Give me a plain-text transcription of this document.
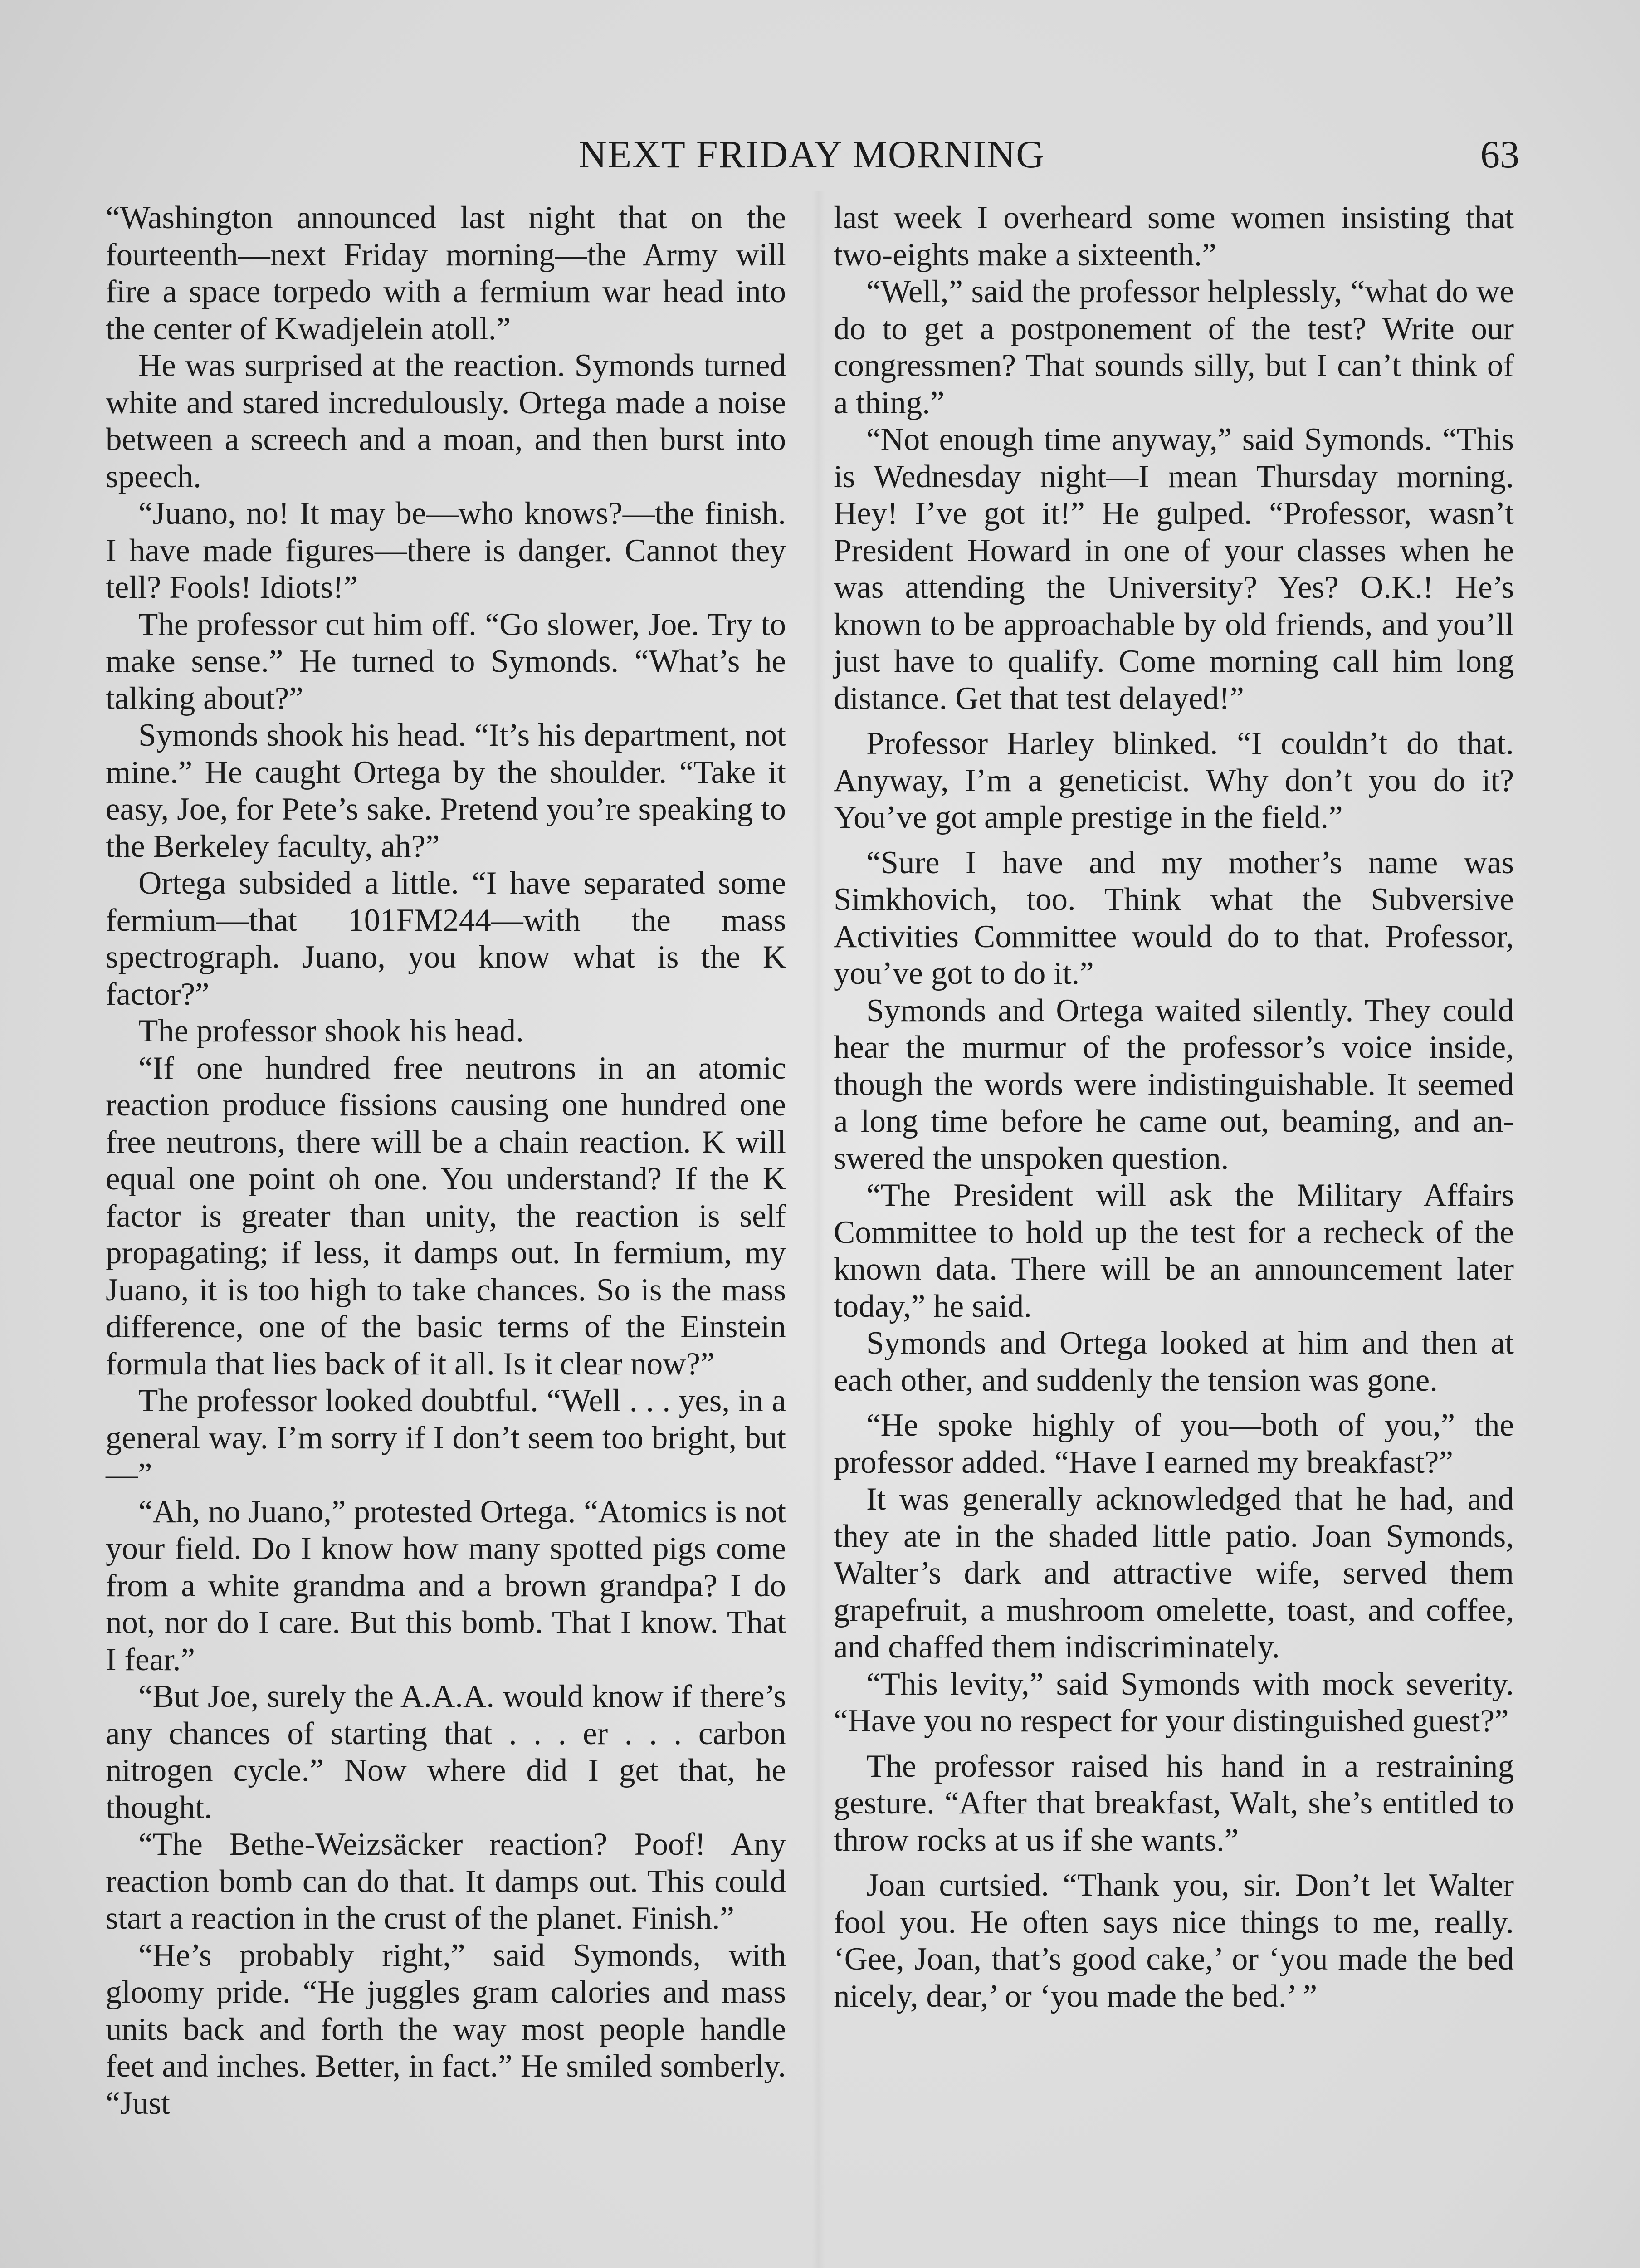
NEXT FRIDAY MORNING	63

“Washington announced last night that on the fourteenth—next Friday morning—the Army will fire a space torpedo with a fermium war head into the center of Kwadjelein atoll.”

He was surprised at the reaction. Symonds turned white and stared incredulously. Ortega made a noise between a screech and a moan, and then burst into speech.

“Juano, no! It may be—who knows?—the finish. I have made figures—there is danger. Cannot they tell? Fools! Idiots!”

The professor cut him off. “Go slower, Joe. Try to make sense.” He turned to Symonds. “What’s he talking about?”

Symonds shook his head. “It’s his department, not mine.” He caught Ortega by the shoulder. “Take it easy, Joe, for Pete’s sake. Pretend you’re speaking to the Berkeley faculty, ah?”

Ortega subsided a little. “I have separated some fermium—that 101FM244—with the mass spectrograph. Juano, you know what is the K factor?”

The professor shook his head.

“If one hundred free neutrons in an atomic reaction produce fissions causing one hundred one free neutrons, there will be a chain reaction. K will equal one point oh one. You understand? If the K factor is greater than unity, the reaction is self propagating; if less, it damps out. In fermium, my Juano, it is too high to take chances. So is the mass difference, one of the basic terms of the Einstein formula that lies back of it all. Is it clear now?”

The professor looked doubtful. “Well . . . yes, in a general way. I’m sorry if I don’t seem too bright, but—”

“Ah, no Juano,” protested Ortega. “Atomics is not your field. Do I know how many spotted pigs come from a white grandma and a brown grandpa? I do not, nor do I care. But this bomb. That I know. That I fear.”

“But Joe, surely the A.A.A. would know if there’s any chances of starting that . . . er . . . carbon nitrogen cycle.” Now where did I get that, he thought.

“The Bethe-Weizsäcker reaction? Poof! Any reaction bomb can do that. It damps out. This could start a reaction in the crust of the planet. Finish.”

“He’s probably right,” said Symonds, with gloomy pride. “He juggles gram calories and mass units back and forth the way most people handle feet and inches. Better, in fact.” He smiled somberly. “Just

last week I overheard some women insisting that two-eights make a sixteenth.”

“Well,” said the professor helplessly, “what do we do to get a postponement of the test? Write our congressmen? That sounds silly, but I can’t think of a thing.”

“Not enough time anyway,” said Symonds. “This is Wednesday night—I mean Thursday morning. Hey! I’ve got it!” He gulped. “Professor, wasn’t President Howard in one of your classes when he was attending the University? Yes? O.K.! He’s known to be approachable by old friends, and you’ll just have to qualify. Come morning call him long distance. Get that test delayed!”

Professor Harley blinked. “I couldn’t do that. Anyway, I’m a geneticist. Why don’t you do it? You’ve got ample prestige in the field.”

“Sure I have and my mother’s name was Simkhovich, too. Think what the Subversive Activities Committee would do to that. Professor, you’ve got to do it.”

Symonds and Ortega waited silently. They could hear the murmur of the professor’s voice inside, though the words were indistinguishable. It seemed a long time before he came out, beaming, and answered the unspoken question.

“The President will ask the Military Affairs Committee to hold up the test for a recheck of the known data. There will be an announcement later today,” he said.

Symonds and Ortega looked at him and then at each other, and suddenly the tension was gone.

“He spoke highly of you—both of you,” the professor added. “Have I earned my breakfast?”

It was generally acknowledged that he had, and they ate in the shaded little patio. Joan Symonds, Walter’s dark and attractive wife, served them grapefruit, a mushroom omelette, toast, and coffee, and chaffed them indiscriminately.

“This levity,” said Symonds with mock severity. “Have you no respect for your distinguished guest?”

The professor raised his hand in a restraining gesture. “After that breakfast, Walt, she’s entitled to throw rocks at us if she wants.”

Joan curtsied. “Thank you, sir. Don’t let Walter fool you. He often says nice things to me, really. ‘Gee, Joan, that’s good cake,’ or ‘you made the bed nicely, dear,’ or ‘you made the bed.’ ”
